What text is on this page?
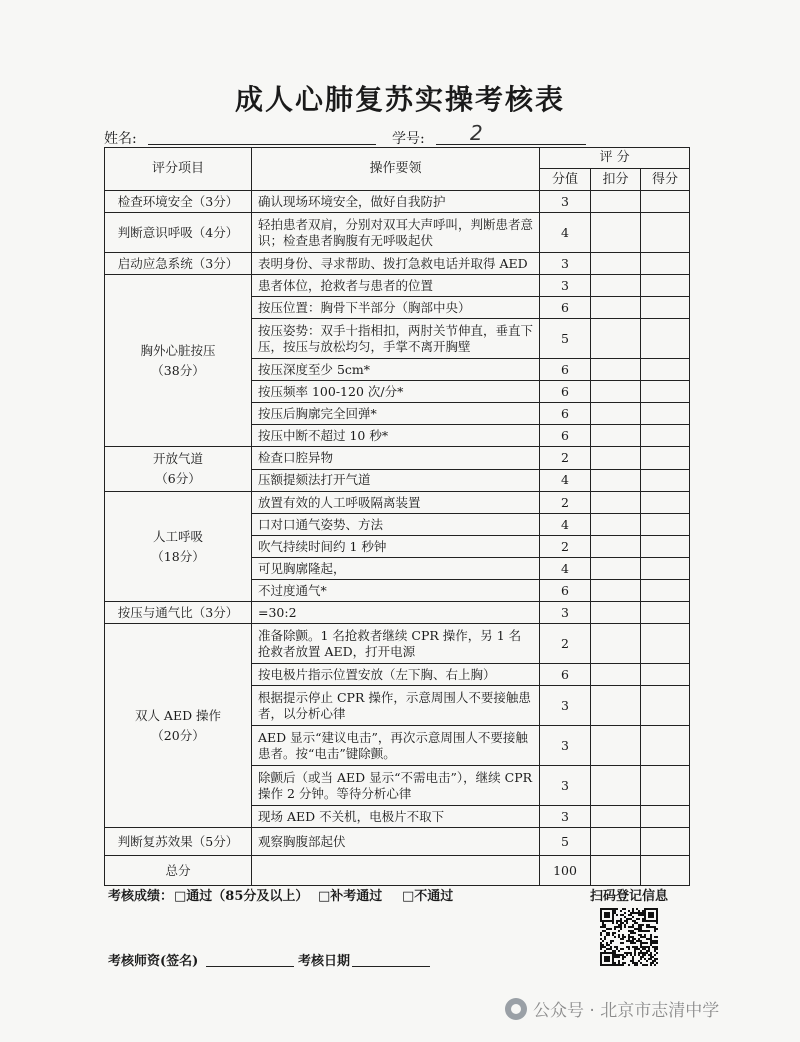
成人心肺复苏实操考核表
姓名:	学号: 2
评分项目	操作要领	评 分		
		分值	扣分	得分
检查环境安全（3分）	确认现场环境安全，做好自我防护	3		
判断意识呼吸（4分）	轻拍患者双肩，分别对双耳大声呼叫，判断患者意识；检查患者胸腹有无呼吸起伏	4		
启动应急系统（3分）	表明身份、寻求帮助、拨打急救电话并取得 AED	3		

胸外心脏按压
（38分）	患者体位，抢救者与患者的位置	3		
	按压位置：胸骨下半部分（胸部中央）	6		
	按压姿势：双手十指相扣，两肘关节伸直，垂直下压，按压与放松均匀，手掌不离开胸壁	5		
	按压深度至少 5cm*	6		
	按压频率 100-120 次/分*	6		
	按压后胸廓完全回弹*	6		
	按压中断不超过 10 秒*	6		

开放气道
（6分）	检查口腔异物	2		
	压额提颏法打开气道	4		

人工呼吸
（18分）	放置有效的人工呼吸隔离装置	2		
	口对口通气姿势、方法	4		
	吹气持续时间约 1 秒钟	2		
	可见胸廓隆起，	4		
	不过度通气*	6		
按压与通气比（3分）	=30:2	3		

双人 AED 操作
（20分）	准备除颤。1 名抢救者继续 CPR 操作，另 1 名抢救者放置 AED，打开电源	2		
	按电极片指示位置安放（左下胸、右上胸）	6		
	根据提示停止 CPR 操作，示意周围人不要接触患者，以分析心律	3		
	AED 显示“建议电击”，再次示意周围人不要接触患者。按“电击”键除颤。	3		
	除颤后（或当 AED 显示“不需电击”），继续 CPR 操作 2 分钟。等待分析心律	3		
	现场 AED 不关机，电极片不取下	3		
判断复苏效果（5分）	观察胸腹部起伏	5		
总分		100		
考核成绩： □通过（85分及以上） □补考通过 □不通过	扫码登记信息
考核师资(签名)	考核日期
公众号 · 北京市志清中学
